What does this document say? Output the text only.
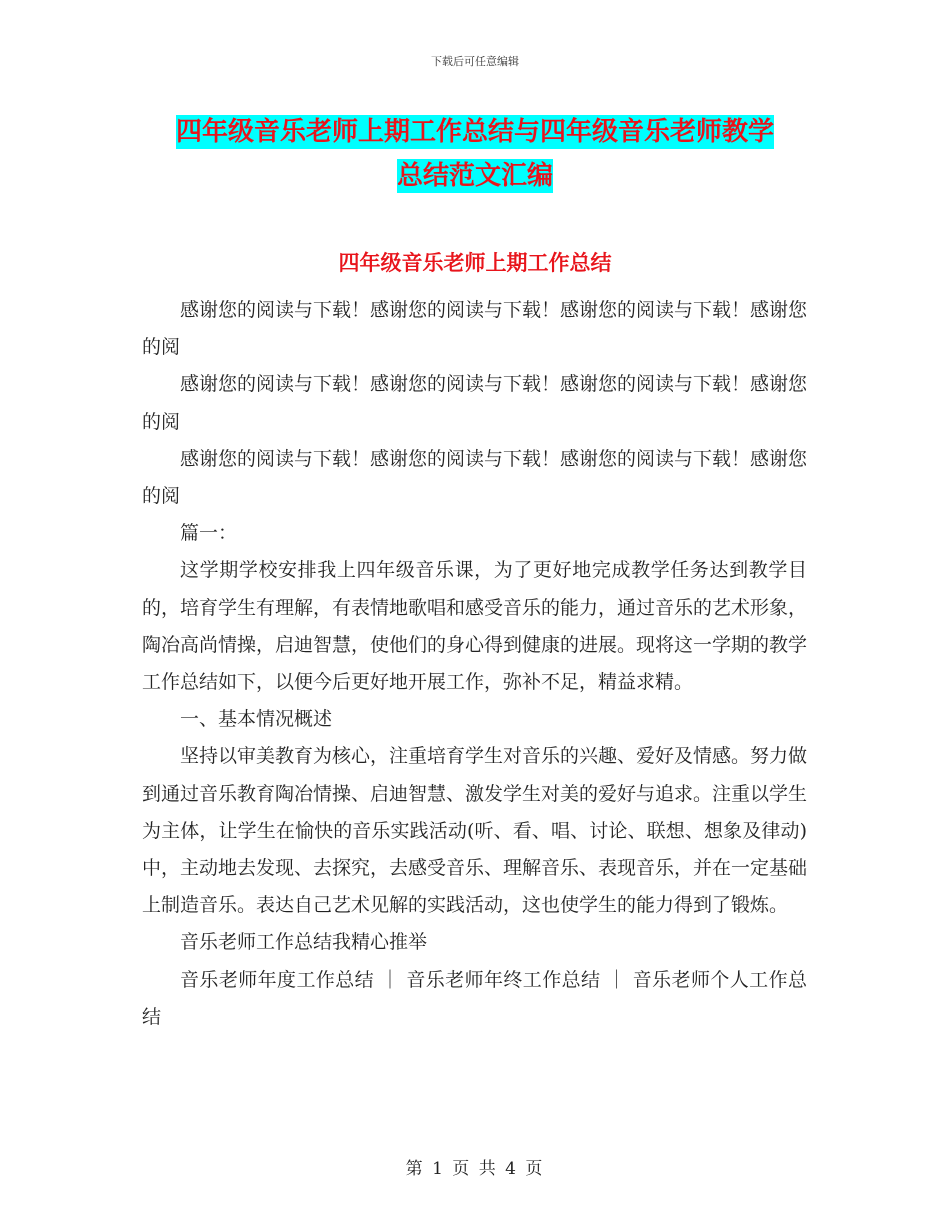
下载后可任意编辑
四年级音乐老师上期工作总结与四年级音乐老师教学
总结范文汇编
四年级音乐老师上期工作总结

感谢您的阅读与下载！感谢您的阅读与下载！感谢您的阅读与下载！感谢您的阅

感谢您的阅读与下载！感谢您的阅读与下载！感谢您的阅读与下载！感谢您的阅

感谢您的阅读与下载！感谢您的阅读与下载！感谢您的阅读与下载！感谢您的阅

篇一：

这学期学校安排我上四年级音乐课，为了更好地完成教学任务达到教学目的，培育学生有理解，有表情地歌唱和感受音乐的能力，通过音乐的艺术形象，陶冶高尚情操，启迪智慧，使他们的身心得到健康的进展。现将这一学期的教学工作总结如下，以便今后更好地开展工作，弥补不足，精益求精。

一、基本情况概述

坚持以审美教育为核心，注重培育学生对音乐的兴趣、爱好及情感。努力做到通过音乐教育陶冶情操、启迪智慧、激发学生对美的爱好与追求。注重以学生为主体，让学生在愉快的音乐实践活动(听、看、唱、讨论、联想、想象及律动)中，主动地去发现、去探究，去感受音乐、理解音乐、表现音乐，并在一定基础上制造音乐。表达自己艺术见解的实践活动，这也使学生的能力得到了锻炼。

音乐老师工作总结我精心推举

音乐老师年度工作总结 ｜ 音乐老师年终工作总结 ｜ 音乐老师个人工作总结

第 1 页 共 4 页
